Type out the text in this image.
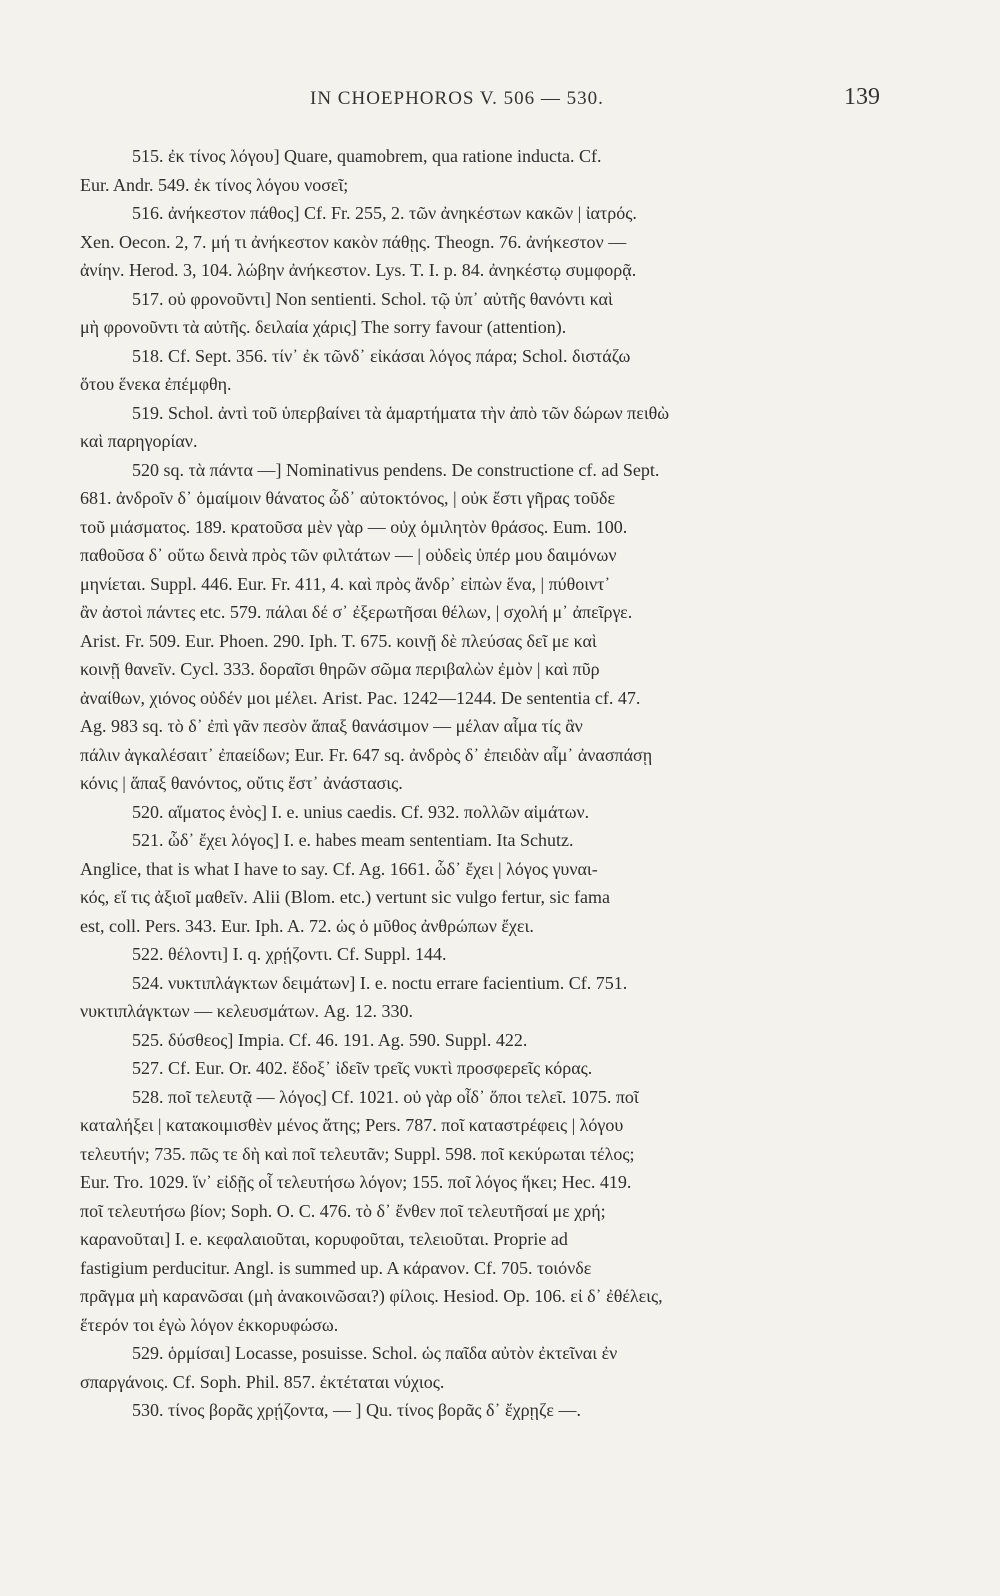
IN CHOEPHOROS V. 506 — 530.	139
515. ἐκ τίνος λόγου] Quare, quamobrem, qua ratione inducta. Cf.
Eur. Andr. 549. ἐκ τίνος λόγου νοσεῖ;
516. ἀνήκεστον πάθος] Cf. Fr. 255, 2. τῶν ἀνηκέστων κακῶν | ἰατρός.
Xen. Oecon. 2, 7. μή τι ἀνήκεστον κακὸν πάθῃς. Theogn. 76. ἀνήκεστον —
ἀνίην. Herod. 3, 104. λώβην ἀνήκεστον. Lys. T. I. p. 84. ἀνηκέστῳ συμφορᾷ.
517. οὐ φρονοῦντι] Non sentienti. Schol. τῷ ὑπ᾽ αὐτῆς θανόντι καὶ
μὴ φρονοῦντι τὰ αὐτῆς. δειλαία χάρις] The sorry favour (attention).
518. Cf. Sept. 356. τίν᾽ ἐκ τῶνδ᾽ εἰκάσαι λόγος πάρα; Schol. διστάζω
ὅτου ἕνεκα ἐπέμφθη.
519. Schol. ἀντὶ τοῦ ὑπερβαίνει τὰ ἁμαρτήματα τὴν ἀπὸ τῶν δώρων πειθὼ
καὶ παρηγορίαν.
520 sq. τὰ πάντα —] Nominativus pendens. De constructione cf. ad Sept.
681. ἀνδροῖν δ᾽ ὁμαίμοιν θάνατος ὧδ᾽ αὐτοκτόνος, | οὐκ ἔστι γῆρας τοῦδε
τοῦ μιάσματος. 189. κρατοῦσα μὲν γὰρ — οὐχ ὁμιλητὸν θράσος. Eum. 100.
παθοῦσα δ᾽ οὕτω δεινὰ πρὸς τῶν φιλτάτων — | οὐδεὶς ὑπέρ μου δαιμόνων
μηνίεται. Suppl. 446. Eur. Fr. 411, 4. καὶ πρὸς ἄνδρ᾽ εἰπὼν ἕνα, | πύθοιντ᾽
ἂν ἀστοὶ πάντες etc. 579. πάλαι δέ σ᾽ ἐξερωτῆσαι θέλων, | σχολή μ᾽ ἀπεῖργε.
Arist. Fr. 509. Eur. Phoen. 290. Iph. T. 675. κοινῇ δὲ πλεύσας δεῖ με καὶ
κοινῇ θανεῖν. Cycl. 333. δοραῖσι θηρῶν σῶμα περιβαλὼν ἐμὸν | καὶ πῦρ
ἀναίθων, χιόνος οὐδέν μοι μέλει. Arist. Pac. 1242—1244. De sententia cf. 47.
Ag. 983 sq. τὸ δ᾽ ἐπὶ γᾶν πεσὸν ἅπαξ θανάσιμον — μέλαν αἷμα τίς ἂν
πάλιν ἀγκαλέσαιτ᾽ ἐπαείδων; Eur. Fr. 647 sq. ἀνδρὸς δ᾽ ἐπειδὰν αἷμ᾽ ἀνασπάσῃ
κόνις | ἅπαξ θανόντος, οὔτις ἔστ᾽ ἀνάστασις.
520. αἵματος ἑνὸς] I. e. unius caedis. Cf. 932. πολλῶν αἱμάτων.
521. ὧδ᾽ ἔχει λόγος] I. e. habes meam sententiam. Ita Schutz.
Anglice, that is what I have to say. Cf. Ag. 1661. ὧδ᾽ ἔχει | λόγος γυναι-
κός, εἴ τις ἀξιοῖ μαθεῖν. Alii (Blom. etc.) vertunt sic vulgo fertur, sic fama
est, coll. Pers. 343. Eur. Iph. A. 72. ὡς ὁ μῦθος ἀνθρώπων ἔχει.
522. θέλοντι] I. q. χρῄζοντι. Cf. Suppl. 144.
524. νυκτιπλάγκτων δειμάτων] I. e. noctu errare facientium. Cf. 751.
νυκτιπλάγκτων — κελευσμάτων. Ag. 12. 330.
525. δύσθεος] Impia. Cf. 46. 191. Ag. 590. Suppl. 422.
527. Cf. Eur. Or. 402. ἔδοξ᾽ ἰδεῖν τρεῖς νυκτὶ προσφερεῖς κόρας.
528. ποῖ τελευτᾷ — λόγος] Cf. 1021. οὐ γὰρ οἶδ᾽ ὅποι τελεῖ. 1075. ποῖ
καταλήξει | κατακοιμισθὲν μένος ἄτης; Pers. 787. ποῖ καταστρέφεις | λόγου
τελευτήν; 735. πῶς τε δὴ καὶ ποῖ τελευτᾶν; Suppl. 598. ποῖ κεκύρωται τέλος;
Eur. Tro. 1029. ἵν᾽ εἰδῇς οἷ τελευτήσω λόγον; 155. ποῖ λόγος ἥκει; Hec. 419.
ποῖ τελευτήσω βίον; Soph. O. C. 476. τὸ δ᾽ ἔνθεν ποῖ τελευτῆσαί με χρή;
καρανοῦται] I. e. κεφαλαιοῦται, κορυφοῦται, τελειοῦται. Proprie ad
fastigium perducitur. Angl. is summed up. A κάρανον. Cf. 705. τοιόνδε
πρᾶγμα μὴ καρανῶσαι (μὴ ἀνακοινῶσαι?) φίλοις. Hesiod. Op. 106. εἰ δ᾽ ἐθέλεις,
ἕτερόν τοι ἐγὼ λόγον ἐκκορυφώσω.
529. ὁρμίσαι] Locasse, posuisse. Schol. ὡς παῖδα αὐτὸν ἐκτεῖναι ἐν
σπαργάνοις. Cf. Soph. Phil. 857. ἐκτέταται νύχιος.
530. τίνος βορᾶς χρῄζοντα, — ] Qu. τίνος βορᾶς δ᾽ ἔχρῃζε —.
